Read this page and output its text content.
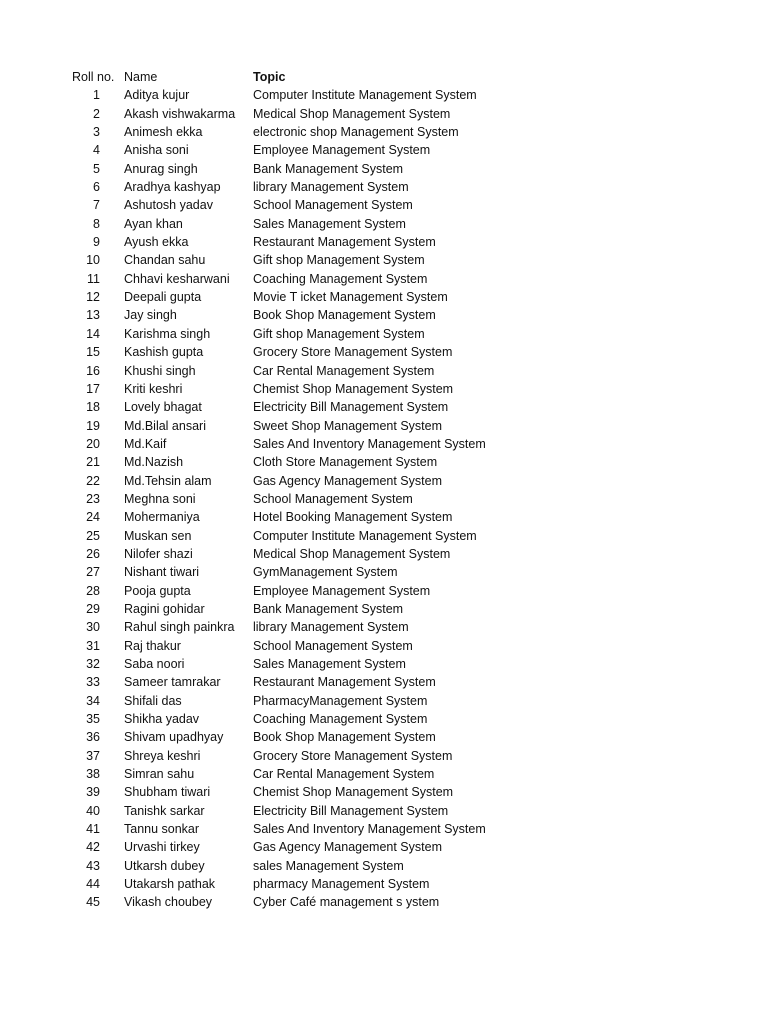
Roll no. Name	Topic
1 Aditya kujur	Computer Institute Management System
2 Akash vishwakarma	Medical Shop Management System
3 Animesh ekka	electronic shop Management System
4 Anisha soni	Employee Management System
5 Anurag singh	Bank Management System
6 Aradhya kashyap	library Management System
7 Ashutosh yadav	School Management System
8 Ayan khan	Sales Management System
9 Ayush ekka	Restaurant Management System
10 Chandan sahu	Gift shop Management System
11 Chhavi kesharwani	Coaching Management System
12 Deepali gupta	Movie T icket Management System
13 Jay singh	Book Shop Management System
14 Karishma singh	Gift shop Management System
15 Kashish gupta	Grocery Store Management System
16 Khushi singh	Car Rental Management System
17 Kriti keshri	Chemist Shop Management System
18 Lovely bhagat	Electricity Bill Management System
19 Md.Bilal ansari	Sweet Shop Management System
20 Md.Kaif	Sales And Inventory Management System
21 Md.Nazish	Cloth Store Management System
22 Md.Tehsin alam	Gas Agency Management System
23 Meghna soni	School Management System
24 Mohermaniya	Hotel Booking Management System
25 Muskan sen	Computer Institute Management System
26 Nilofer shazi	Medical Shop Management System
27 Nishant tiwari	GymManagement System
28 Pooja gupta	Employee Management System
29 Ragini gohidar	Bank Management System
30 Rahul singh painkra	library Management System
31 Raj thakur	School Management System
32 Saba noori	Sales Management System
33 Sameer tamrakar	Restaurant Management System
34 Shifali das	PharmacyManagement System
35 Shikha yadav	Coaching Management System
36 Shivam upadhyay	Book Shop Management System
37 Shreya keshri	Grocery Store Management System
38 Simran sahu	Car Rental Management System
39 Shubham tiwari	Chemist Shop Management System
40 Tanishk sarkar	Electricity Bill Management System
41 Tannu sonkar	Sales And Inventory Management System
42 Urvashi tirkey	Gas Agency Management System
43 Utkarsh dubey	sales Management System
44 Utakarsh pathak	pharmacy Management System
45 Vikash choubey	Cyber Café management s ystem
